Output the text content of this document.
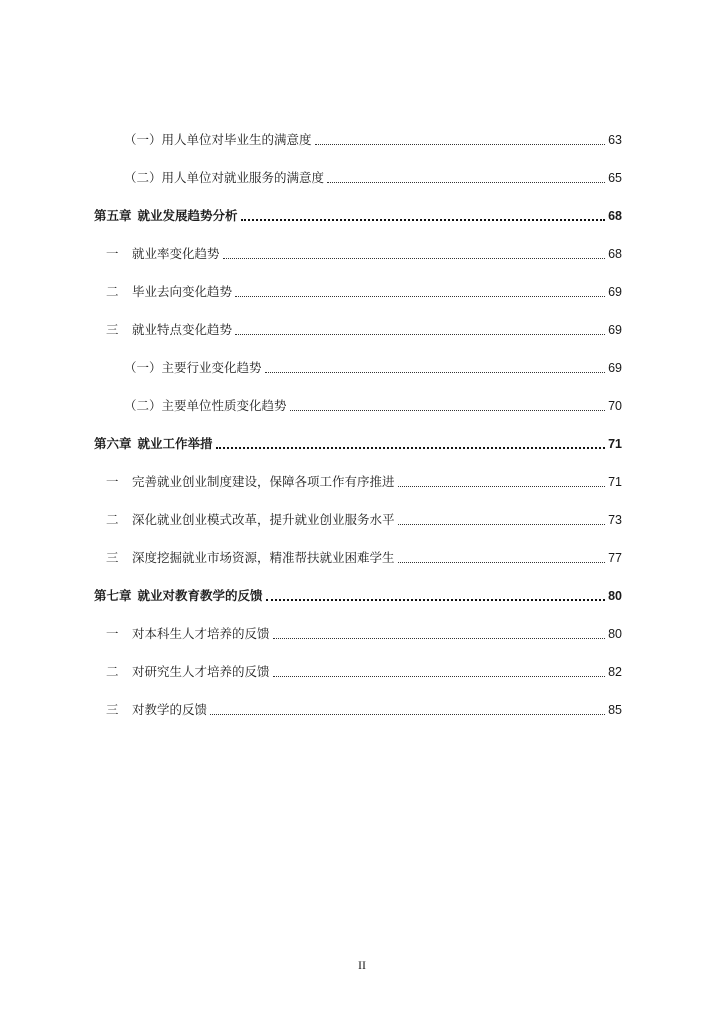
（一） 用人单位对毕业生的满意度	63
（二） 用人单位对就业服务的满意度	65
第五章 就业发展趋势分析	68
一	就业率变化趋势	68
二	毕业去向变化趋势	69
三	就业特点变化趋势	69
（一） 主要行业变化趋势	69
（二） 主要单位性质变化趋势	70
第六章 就业工作举措	71
一	完善就业创业制度建设，保障各项工作有序推进	71
二	深化就业创业模式改革，提升就业创业服务水平	73
三	深度挖掘就业市场资源，精准帮扶就业困难学生	77
第七章 就业对教育教学的反馈	80
一	对本科生人才培养的反馈	80
二	对研究生人才培养的反馈	82
三	对教学的反馈	85
II
